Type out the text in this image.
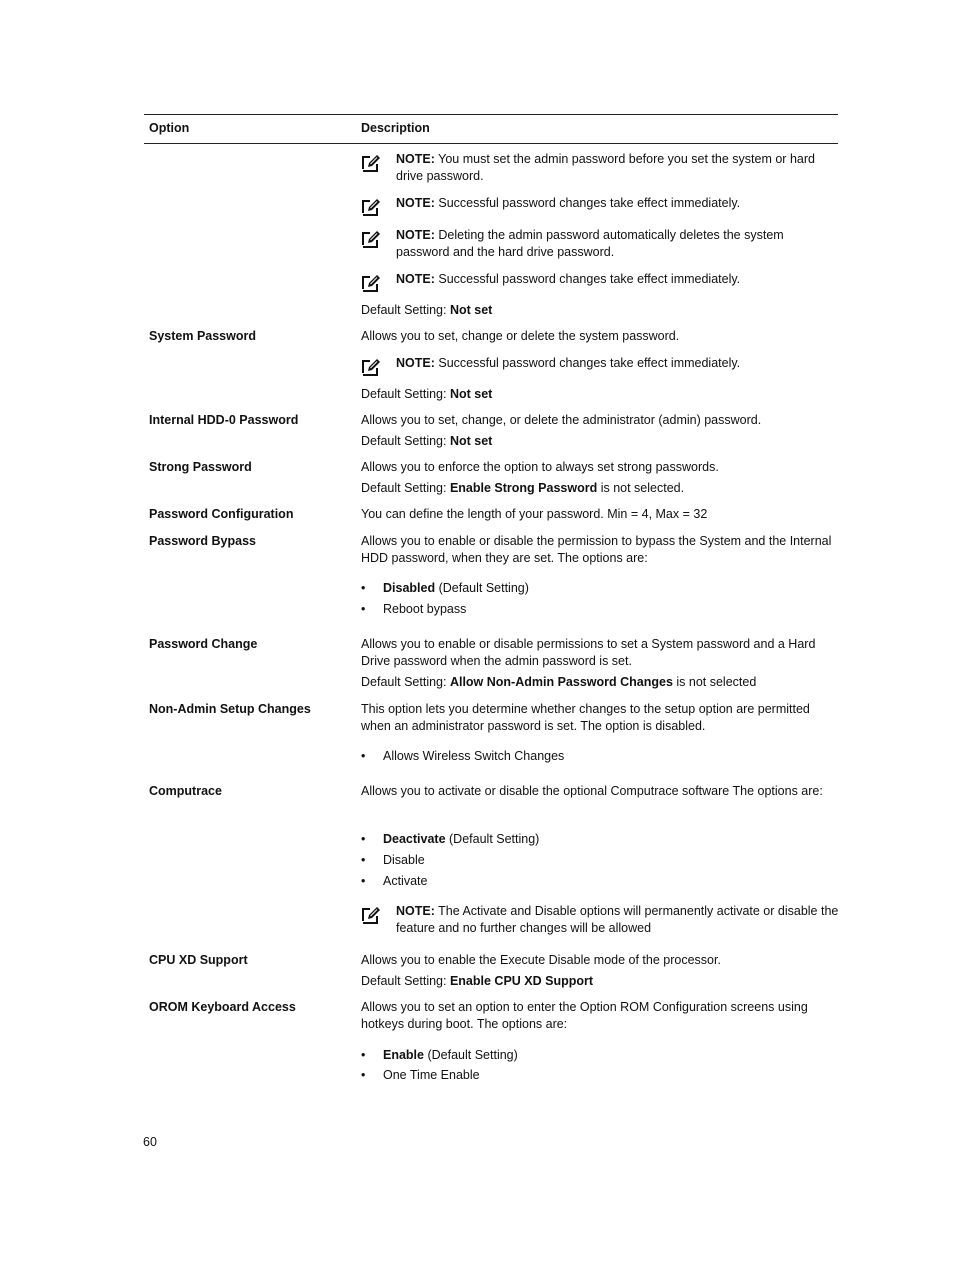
Option	Description
NOTE: You must set the admin password before you set the system or hard drive password.
NOTE: Successful password changes take effect immediately.
NOTE: Deleting the admin password automatically deletes the system password and the hard drive password.
NOTE: Successful password changes take effect immediately.
Default Setting: Not set
System Password	Allows you to set, change or delete the system password.
NOTE: Successful password changes take effect immediately.
Default Setting: Not set
Internal HDD-0 Password	Allows you to set, change, or delete the administrator (admin) password.
Default Setting: Not set
Strong Password	Allows you to enforce the option to always set strong passwords.
Default Setting: Enable Strong Password is not selected.
Password Configuration	You can define the length of your password. Min = 4, Max = 32
Password Bypass	Allows you to enable or disable the permission to bypass the System and the Internal HDD password, when they are set. The options are:
• Disabled (Default Setting)
• Reboot bypass
Password Change	Allows you to enable or disable permissions to set a System password and a Hard Drive password when the admin password is set.
Default Setting: Allow Non-Admin Password Changes is not selected
Non-Admin Setup Changes	This option lets you determine whether changes to the setup option are permitted when an administrator password is set. The option is disabled.
• Allows Wireless Switch Changes
Computrace	Allows you to activate or disable the optional Computrace software The options are:
• Deactivate (Default Setting)
• Disable
• Activate
NOTE: The Activate and Disable options will permanently activate or disable the feature and no further changes will be allowed
CPU XD Support	Allows you to enable the Execute Disable mode of the processor.
Default Setting: Enable CPU XD Support
OROM Keyboard Access	Allows you to set an option to enter the Option ROM Configuration screens using hotkeys during boot. The options are:
• Enable (Default Setting)
• One Time Enable
60
